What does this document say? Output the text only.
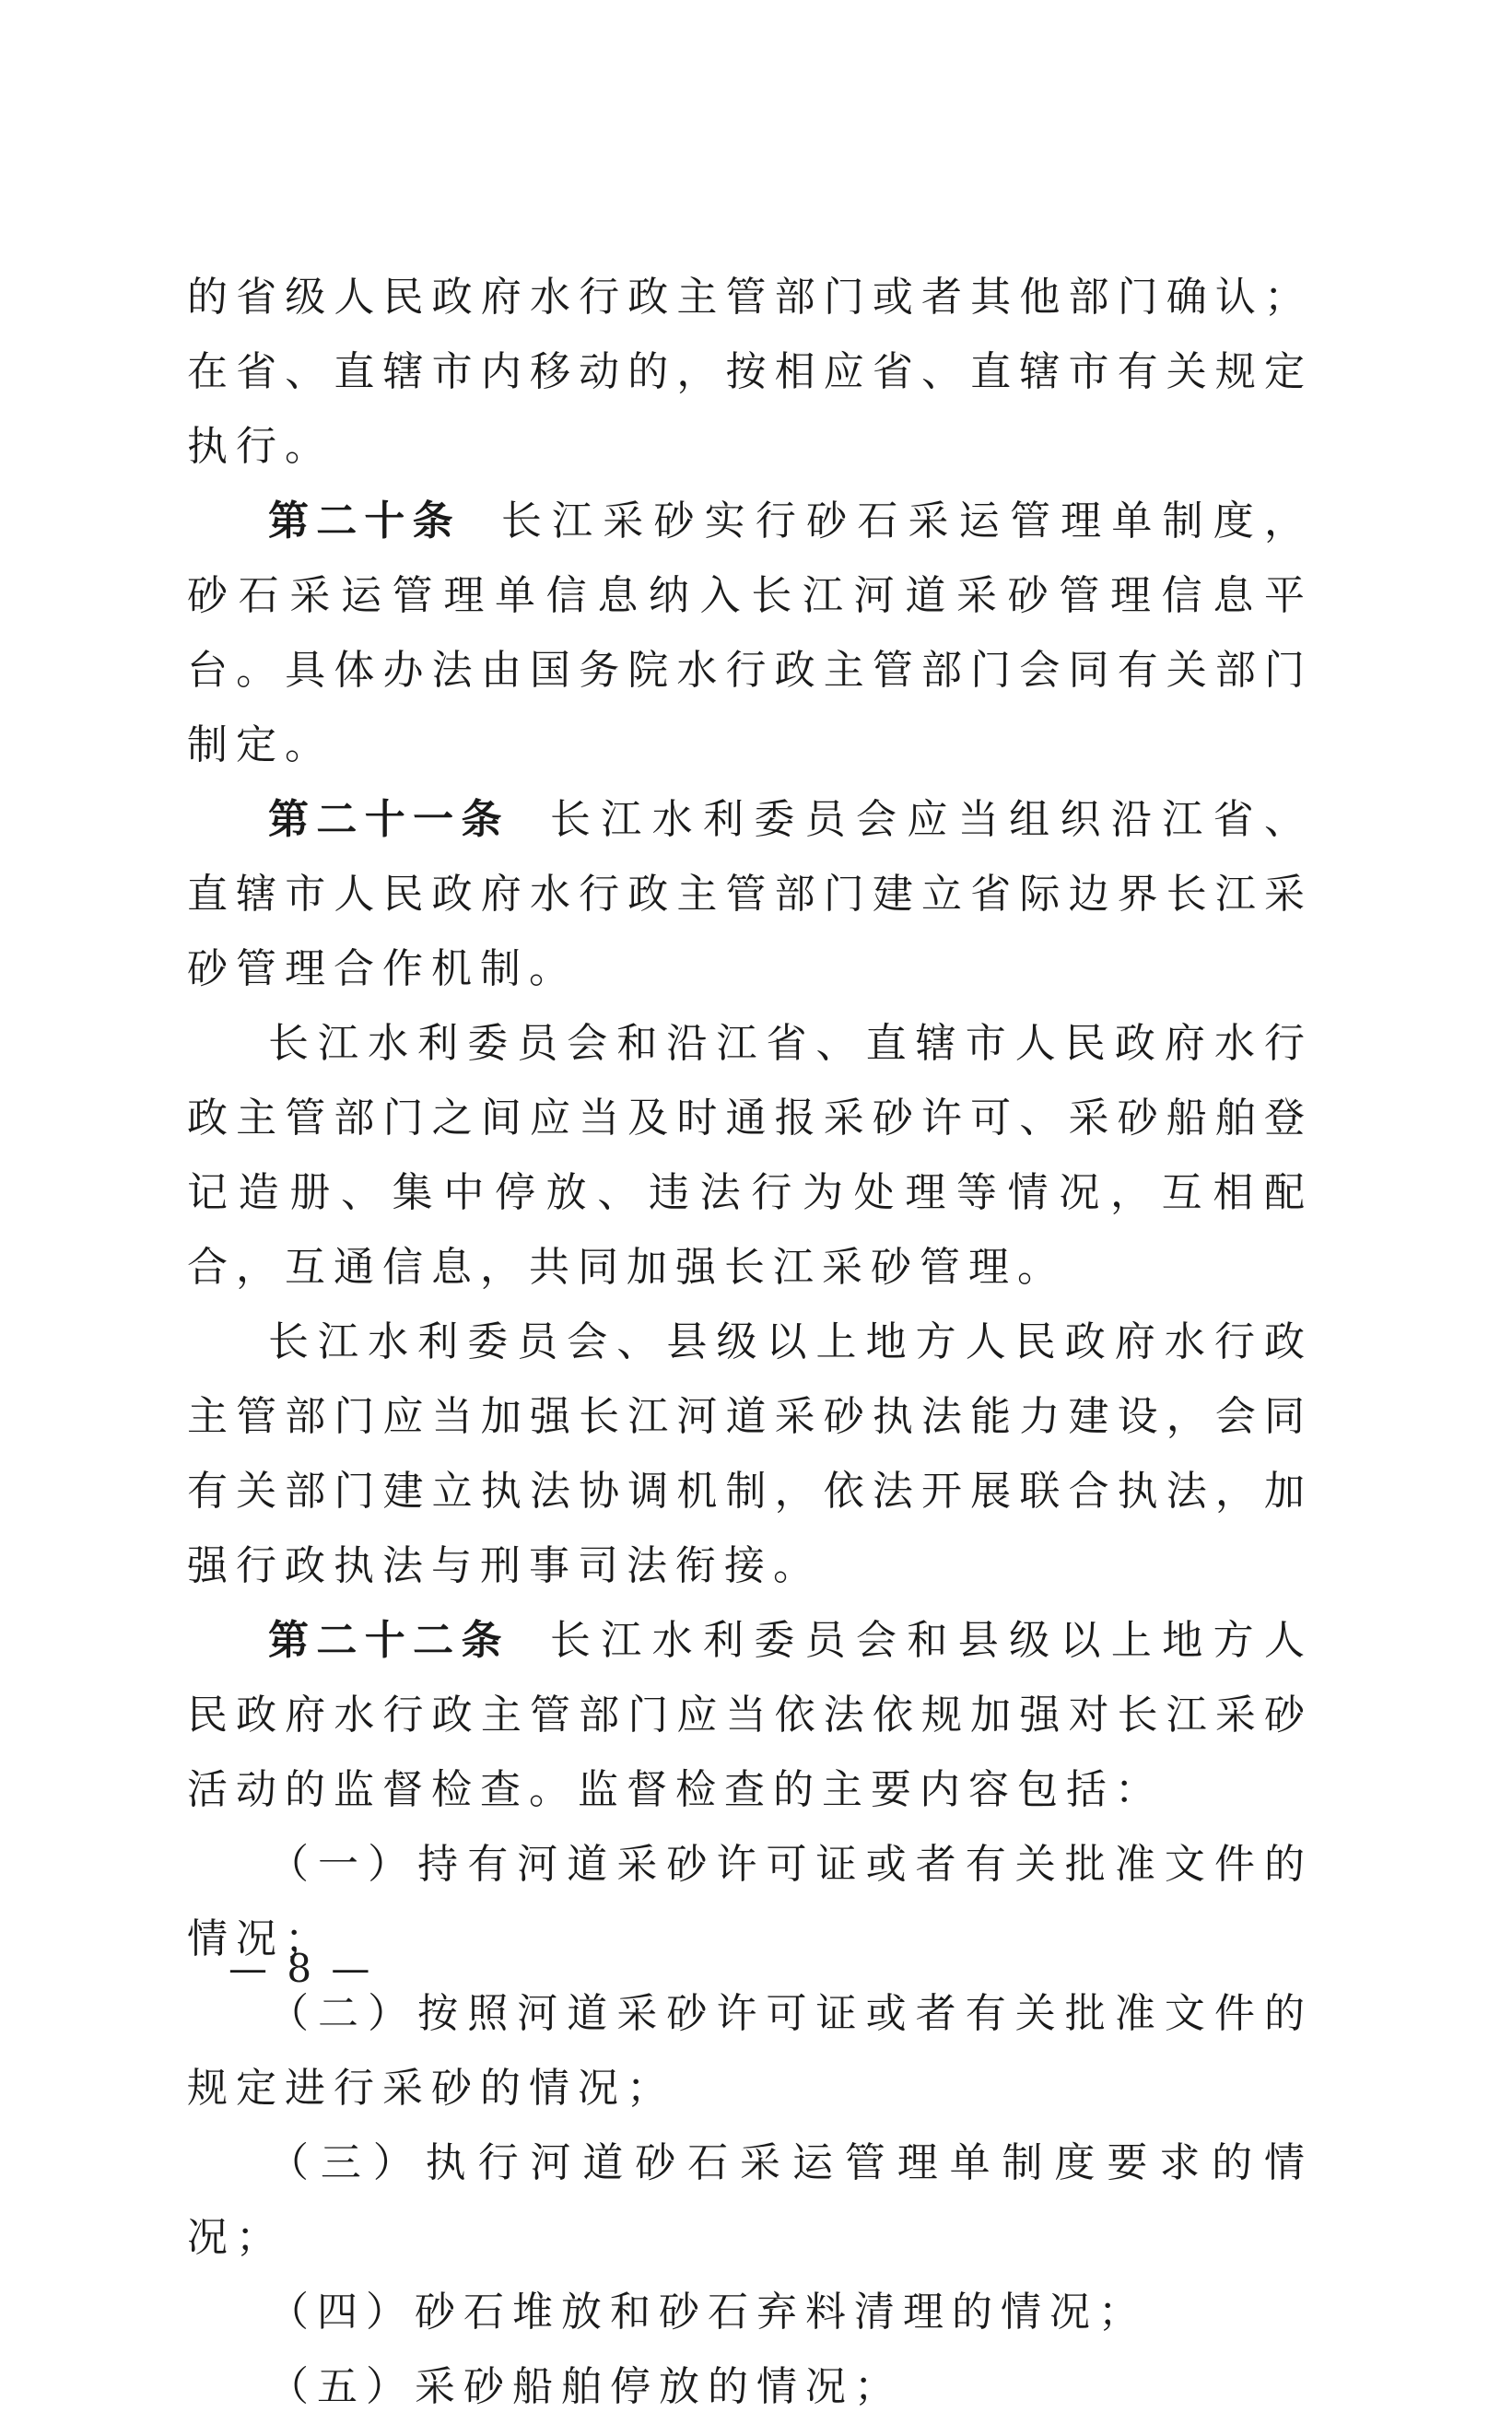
的省级人民政府水行政主管部门或者其他部门确认；在省、直辖市内移动的，按相应省、直辖市有关规定执行。

第二十条 长江采砂实行砂石采运管理单制度，砂石采运管理单信息纳入长江河道采砂管理信息平台。具体办法由国务院水行政主管部门会同有关部门制定。

第二十一条 长江水利委员会应当组织沿江省、直辖市人民政府水行政主管部门建立省际边界长江采砂管理合作机制。

长江水利委员会和沿江省、直辖市人民政府水行政主管部门之间应当及时通报采砂许可、采砂船舶登记造册、集中停放、违法行为处理等情况，互相配合，互通信息，共同加强长江采砂管理。

长江水利委员会、县级以上地方人民政府水行政主管部门应当加强长江河道采砂执法能力建设，会同有关部门建立执法协调机制，依法开展联合执法，加强行政执法与刑事司法衔接。

第二十二条 长江水利委员会和县级以上地方人民政府水行政主管部门应当依法依规加强对长江采砂活动的监督检查。监督检查的主要内容包括：

（一）持有河道采砂许可证或者有关批准文件的情况；

（二）按照河道采砂许可证或者有关批准文件的规定进行采砂的情况；

（三）执行河道砂石采运管理单制度要求的情况；

（四）砂石堆放和砂石弃料清理的情况；

（五）采砂船舶停放的情况；

— 8 —
